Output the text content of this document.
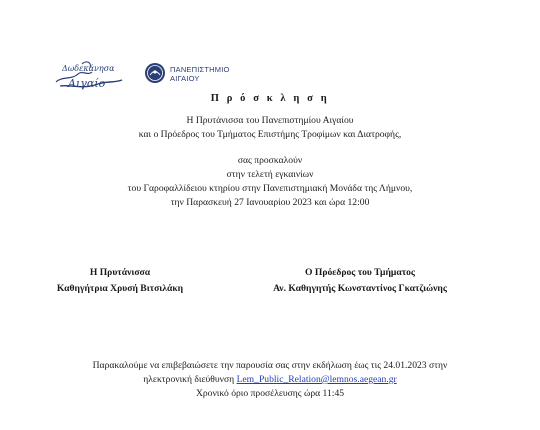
Δωδεκάνησα
Αιγαίο
ΠΑΝΕΠΙΣΤΗΜΙΟ
ΑΙΓΑΙΟΥ
Π ρ ό σ κ λ η σ η
Η Πρυτάνισσα του Πανεπιστημίου Αιγαίου
και ο Πρόεδρος του Τμήματος Επιστήμης Τροφίμων και Διατροφής,
σας προσκαλούν
στην τελετή εγκαινίων
του Γαροφαλλίδειου κτηρίου στην Πανεπιστημιακή Μονάδα της Λήμνου,
την Παρασκευή 27 Ιανουαρίου 2023 και ώρα 12:00
Η Πρυτάνισσα
Καθηγήτρια Χρυσή Βιτσιλάκη
Ο Πρόεδρος του Τμήματος
Αν. Καθηγητής Κωνσταντίνος Γκατζιώνης
Παρακαλούμε να επιβεβαιώσετε την παρουσία σας στην εκδήλωση έως τις 24.01.2023 στην
ηλεκτρονική διεύθυνση Lem_Public_Relation@lemnos.aegean.gr
Χρονικό όριο προσέλευσης ώρα 11:45
